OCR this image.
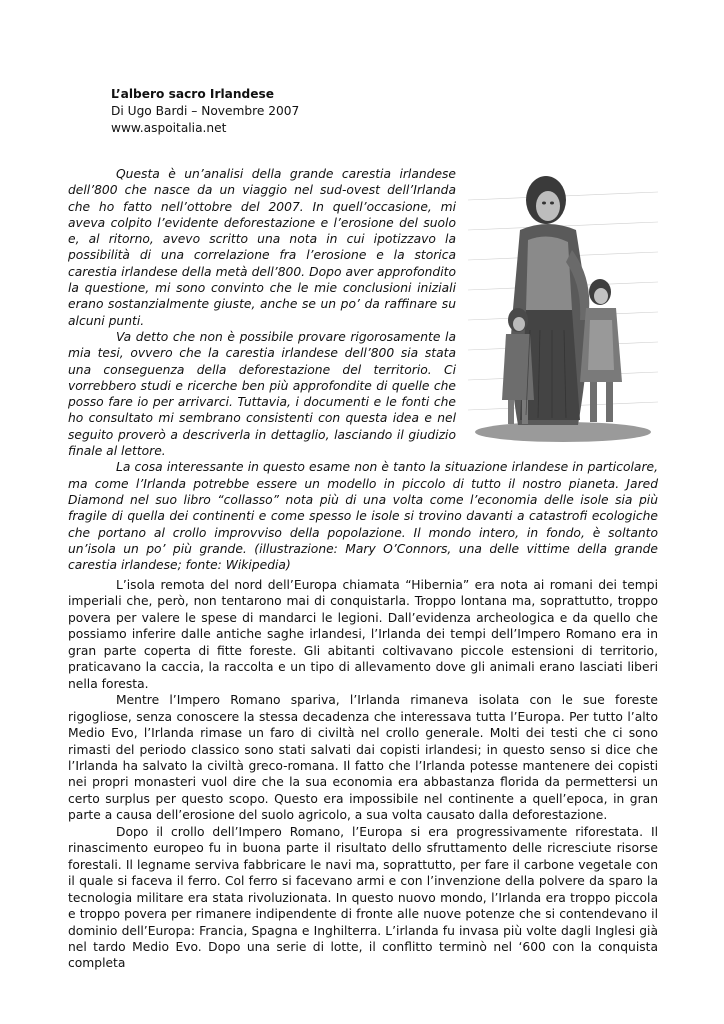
L’albero sacro Irlandese
Di Ugo Bardi – Novembre 2007
www.aspoitalia.net

Questa è un’analisi della grande carestia irlandese dell’800 che nasce da un viaggio nel sud-ovest dell’Irlanda che ho fatto nell’ottobre del 2007. In quell’occasione, mi aveva colpito l’evidente deforestazione e l’erosione del suolo e, al ritorno, avevo scritto una nota in cui ipotizzavo la possibilità di una correlazione fra l’erosione e la storica carestia irlandese della metà dell’800. Dopo aver approfondito la questione, mi sono convinto che le mie conclusioni iniziali erano sostanzialmente giuste, anche se un po’ da raffinare su alcuni punti.

Va detto che non è possibile provare rigorosamente la mia tesi, ovvero che la carestia irlandese dell’800 sia stata una conseguenza della deforestazione del territorio. Ci vorrebbero studi e ricerche ben più approfondite di quelle che posso fare io per arrivarci. Tuttavia, i documenti e le fonti che ho consultato mi sembrano consistenti con questa idea e nel seguito proverò a descriverla in dettaglio, lasciando il giudizio finale al lettore.

La cosa interessante in questo esame non è tanto la situazione irlandese in particolare, ma come l’Irlanda potrebbe essere un modello in piccolo di tutto il nostro pianeta. Jared Diamond nel suo libro “collasso” nota più di una volta come l’economia delle isole sia più fragile di quella dei continenti e come spesso le isole si trovino davanti a catastrofi ecologiche che portano al crollo improvviso della popolazione. Il mondo intero, in fondo, è soltanto un’isola un po’ più grande. (illustrazione: Mary O’Connors, una delle vittime della grande carestia irlandese; fonte: Wikipedia)

L’isola remota del nord dell’Europa chiamata “Hibernia” era nota ai romani dei tempi imperiali che, però, non tentarono mai di conquistarla. Troppo lontana ma, soprattutto, troppo povera per valere le spese di mandarci le legioni. Dall’evidenza archeologica e da quello che possiamo inferire dalle antiche saghe irlandesi, l’Irlanda dei tempi dell’Impero Romano era in gran parte coperta di fitte foreste. Gli abitanti coltivavano piccole estensioni di territorio, praticavano la caccia, la raccolta e un tipo di allevamento dove gli animali erano lasciati liberi nella foresta.

Mentre l’Impero Romano spariva, l’Irlanda rimaneva isolata con le sue foreste rigogliose, senza conoscere la stessa decadenza che interessava tutta l’Europa. Per tutto l’alto Medio Evo, l’Irlanda rimase un faro di civiltà nel crollo generale. Molti dei testi che ci sono rimasti del periodo classico sono stati salvati dai copisti irlandesi; in questo senso si dice che l’Irlanda ha salvato la civiltà greco-romana. Il fatto che l’Irlanda potesse mantenere dei copisti nei propri monasteri vuol dire che la sua economia era abbastanza florida da permettersi un certo surplus per questo scopo. Questo era impossibile nel continente a quell’epoca, in gran parte a causa dell’erosione del suolo agricolo, a sua volta causato dalla deforestazione.

Dopo il crollo dell’Impero Romano, l’Europa si era progressivamente riforestata. Il rinascimento europeo fu in buona parte il risultato dello sfruttamento delle ricresciute risorse forestali. Il legname serviva fabbricare le navi ma, soprattutto, per fare il carbone vegetale con il quale si faceva il ferro. Col ferro si facevano armi e con l’invenzione della polvere da sparo la tecnologia militare era stata rivoluzionata. In questo nuovo mondo, l’Irlanda era troppo piccola e troppo povera per rimanere indipendente di fronte alle nuove potenze che si contendevano il dominio dell’Europa: Francia, Spagna e Inghilterra. L’irlanda fu invasa più volte dagli Inglesi già nel tardo Medio Evo. Dopo una serie di lotte, il conflitto terminò nel ‘600 con la conquista completa
